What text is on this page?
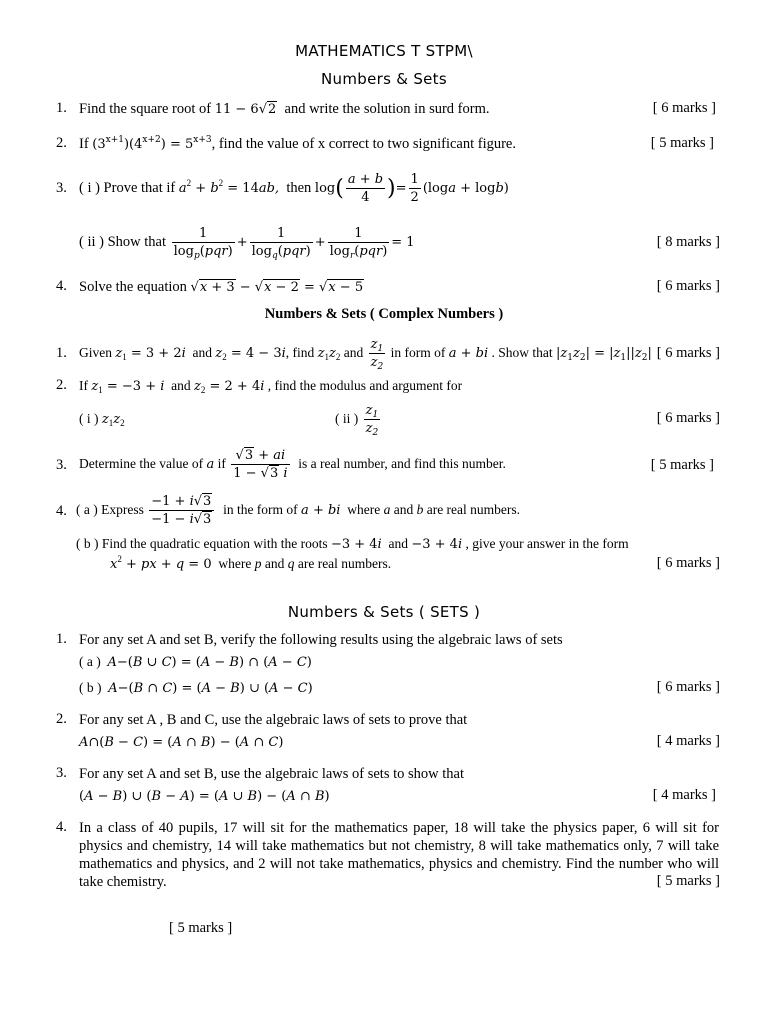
MATHEMATICS T STPM\
Numbers & Sets
1. Find the square root of 11 − 6√2 and write the solution in surd form.	[ 6 marks ]
2. If $(3^{x+1})(4^{x+2}) = 5^{x+3}$, find the value of x correct to two significant figure.	[ 5 marks ]
3. ( i ) Prove that if $a^2 + b^2 = 14ab$, then $\log( \frac{a + b}{4}$ )= $\frac{1}{2} (\log a + \log b)$
( ii ) Show that $\frac{1}{\log_p(pqr)} + \frac{1}{\log_q(pqr)} + \frac{1}{\log_r(pqr)} = 1$	[ 8 marks ]
4. Solve the equation √x + 3 − √x − 2 = √x − 5	[ 6 marks ]
Numbers & Sets ( Complex Numbers )
1. Given $z_1 = 3 + 2i$ and $z_2 = 4 - 3i$, find $z_1z_2$ and $\frac{z_1}{z_2}$ in form of a + bi . Show that $|z_1z_2| = |z_1||z_2|$ [ 6 marks ]
2. If $z_1 = -3 + i$ and $z_2 = 2 + 4i$ , find the modulus and argument for
( i ) $z_1z_2$	( ii ) $\frac{z_1}{z_2}$	[ 6 marks ]
3. Determine the value of a if $\frac{√3 + ai}{1 - √3 i}$ is a real number, and find this number.	[ 5 marks ]
4. ( a ) Express $\frac{-1 + i√3}{-1 - i√3}$ in the form of a + bi where a and b are real numbers.
( b ) Find the quadratic equation with the roots −3 + 4i and −3 + 4i , give your answer in the form
$x^2$ + px + q = 0 where p and q are real numbers.	[ 6 marks ]
Numbers & Sets ( SETS )
1. For any set A and set B, verify the following results using the algebraic laws of sets
( a ) A−(B ∪ C) = (A − B) ∩ (A − C)
( b ) A−(B ∩ C) = (A − B) ∪ (A − C)	[ 6 marks ]
2. For any set A , B and C, use the algebraic laws of sets to prove that
A∩(B − C) = (A ∩ B) − (A ∩ C)	[ 4 marks ]
3. For any set A and set B, use the algebraic laws of sets to show that
(A − B) ∪ (B − A) = (A ∪ B) − (A ∩ B)	[ 4 marks ]
4. In a class of 40 pupils, 17 will sit for the mathematics paper, 18 will take the physics paper, 6 will sit for physics and chemistry, 14 will take mathematics but not chemistry, 8 will take mathematics only, 7 will take mathematics and physics, and 2 will not take mathematics, physics and chemistry. Find the number who will take chemistry.	[ 5 marks ]
[ 5 marks ]
